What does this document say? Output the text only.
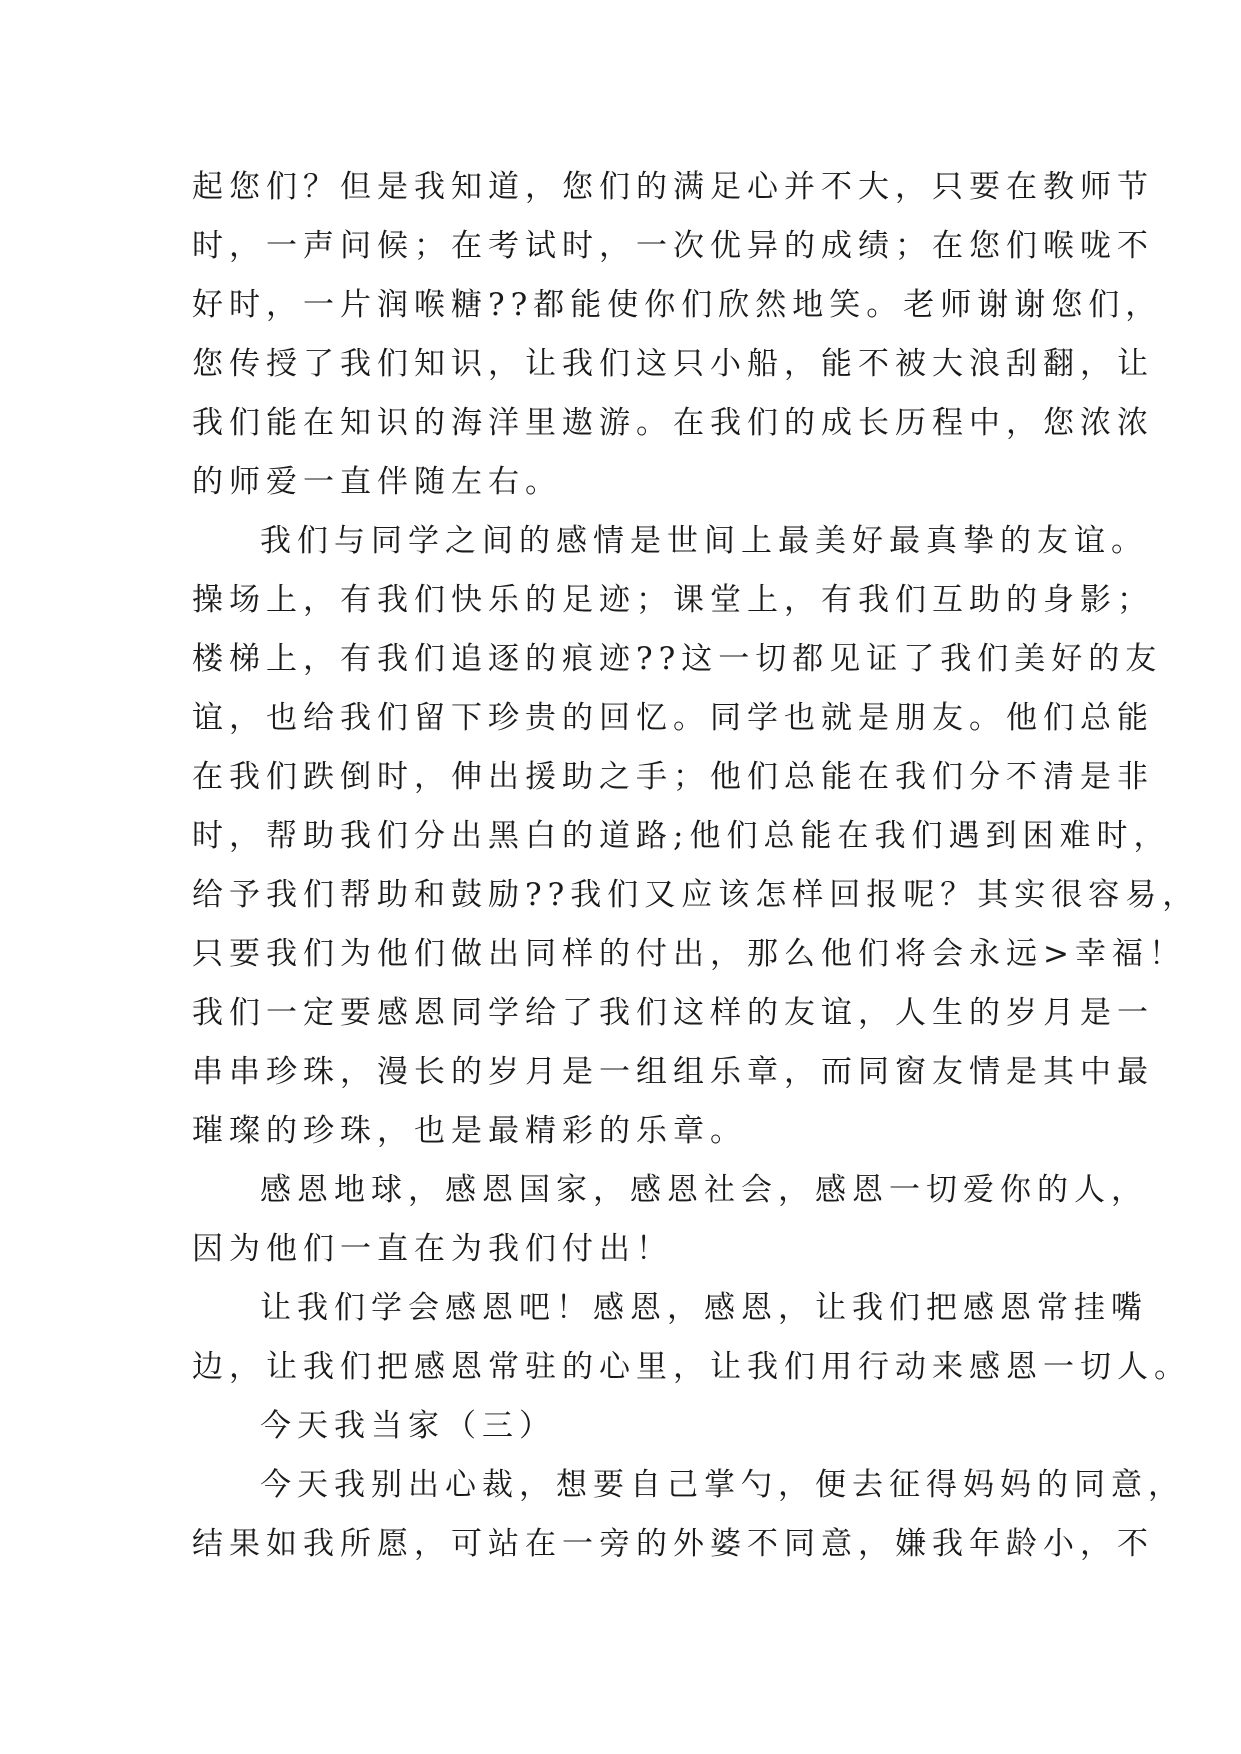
起您们？但是我知道，您们的满足心并不大，只要在教师节
时，一声问候；在考试时，一次优异的成绩；在您们喉咙不
好时，一片润喉糖??都能使你们欣然地笑。老师谢谢您们，
您传授了我们知识，让我们这只小船，能不被大浪刮翻，让
我们能在知识的海洋里遨游。在我们的成长历程中，您浓浓
的师爱一直伴随左右。
我们与同学之间的感情是世间上最美好最真挚的友谊。
操场上，有我们快乐的足迹；课堂上，有我们互助的身影；
楼梯上，有我们追逐的痕迹??这一切都见证了我们美好的友
谊，也给我们留下珍贵的回忆。同学也就是朋友。他们总能
在我们跌倒时，伸出援助之手；他们总能在我们分不清是非
时，帮助我们分出黑白的道路;他们总能在我们遇到困难时，
给予我们帮助和鼓励??我们又应该怎样回报呢？其实很容易，
只要我们为他们做出同样的付出，那么他们将会永远>幸福！
我们一定要感恩同学给了我们这样的友谊，人生的岁月是一
串串珍珠，漫长的岁月是一组组乐章，而同窗友情是其中最
璀璨的珍珠，也是最精彩的乐章。
感恩地球，感恩国家，感恩社会，感恩一切爱你的人，
因为他们一直在为我们付出！
让我们学会感恩吧！感恩，感恩，让我们把感恩常挂嘴
边，让我们把感恩常驻的心里，让我们用行动来感恩一切人。
今天我当家（三）
今天我别出心裁，想要自己掌勺，便去征得妈妈的同意，
结果如我所愿，可站在一旁的外婆不同意，嫌我年龄小，不
